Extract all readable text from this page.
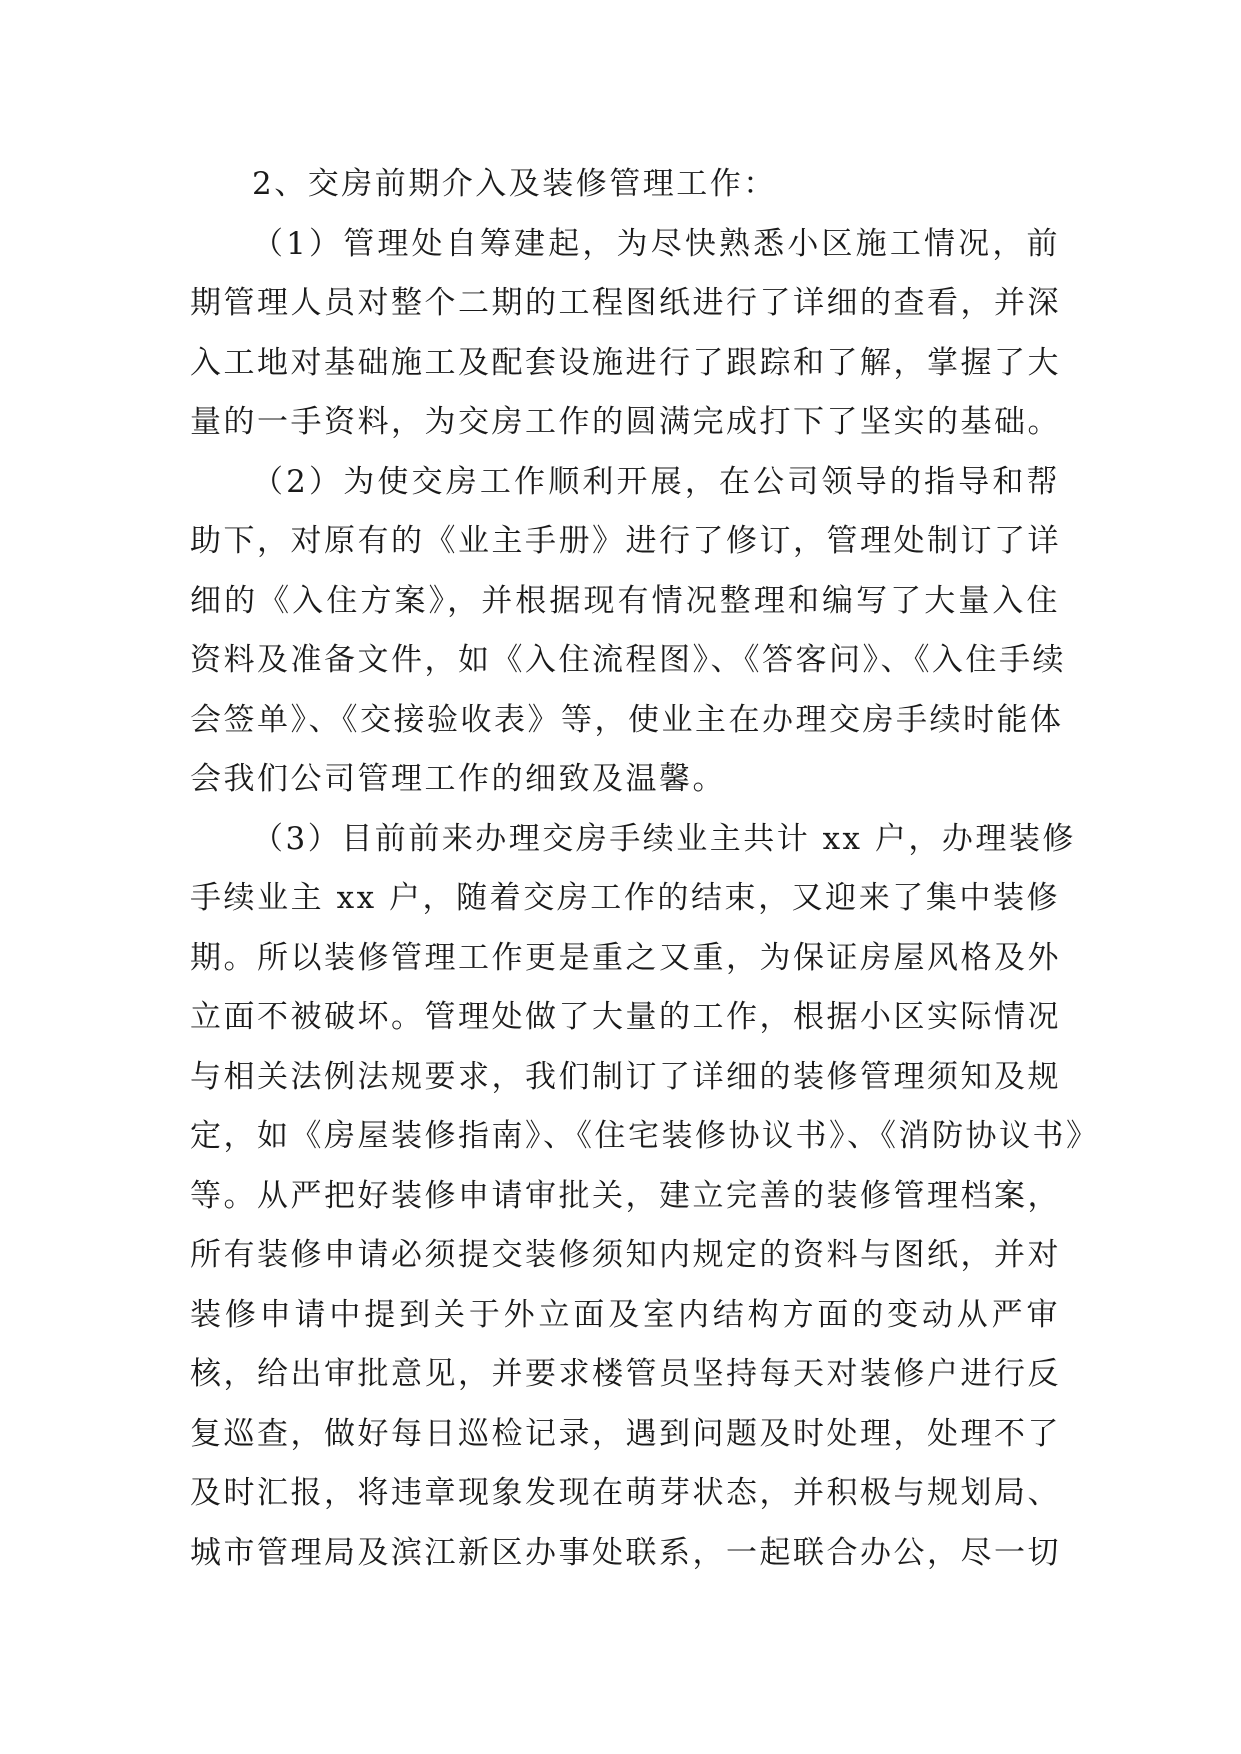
2、交房前期介入及装修管理工作：
（1）管理处自筹建起，为尽快熟悉小区施工情况，前
期管理人员对整个二期的工程图纸进行了详细的查看，并深
入工地对基础施工及配套设施进行了跟踪和了解，掌握了大
量的一手资料，为交房工作的圆满完成打下了坚实的基础。
（2）为使交房工作顺利开展，在公司领导的指导和帮
助下，对原有的《业主手册》进行了修订，管理处制订了详
细的《入住方案》，并根据现有情况整理和编写了大量入住
资料及准备文件，如《入住流程图》、《答客问》、《入住手续
会签单》、《交接验收表》等，使业主在办理交房手续时能体
会我们公司管理工作的细致及温馨。
（3）目前前来办理交房手续业主共计 xx 户，办理装修
手续业主 xx 户，随着交房工作的结束，又迎来了集中装修
期。所以装修管理工作更是重之又重，为保证房屋风格及外
立面不被破坏。管理处做了大量的工作，根据小区实际情况
与相关法例法规要求，我们制订了详细的装修管理须知及规
定，如《房屋装修指南》、《住宅装修协议书》、《消防协议书》
等。从严把好装修申请审批关，建立完善的装修管理档案，
所有装修申请必须提交装修须知内规定的资料与图纸，并对
装修申请中提到关于外立面及室内结构方面的变动从严审
核，给出审批意见，并要求楼管员坚持每天对装修户进行反
复巡查，做好每日巡检记录，遇到问题及时处理，处理不了
及时汇报，将违章现象发现在萌芽状态，并积极与规划局、
城市管理局及滨江新区办事处联系，一起联合办公，尽一切
